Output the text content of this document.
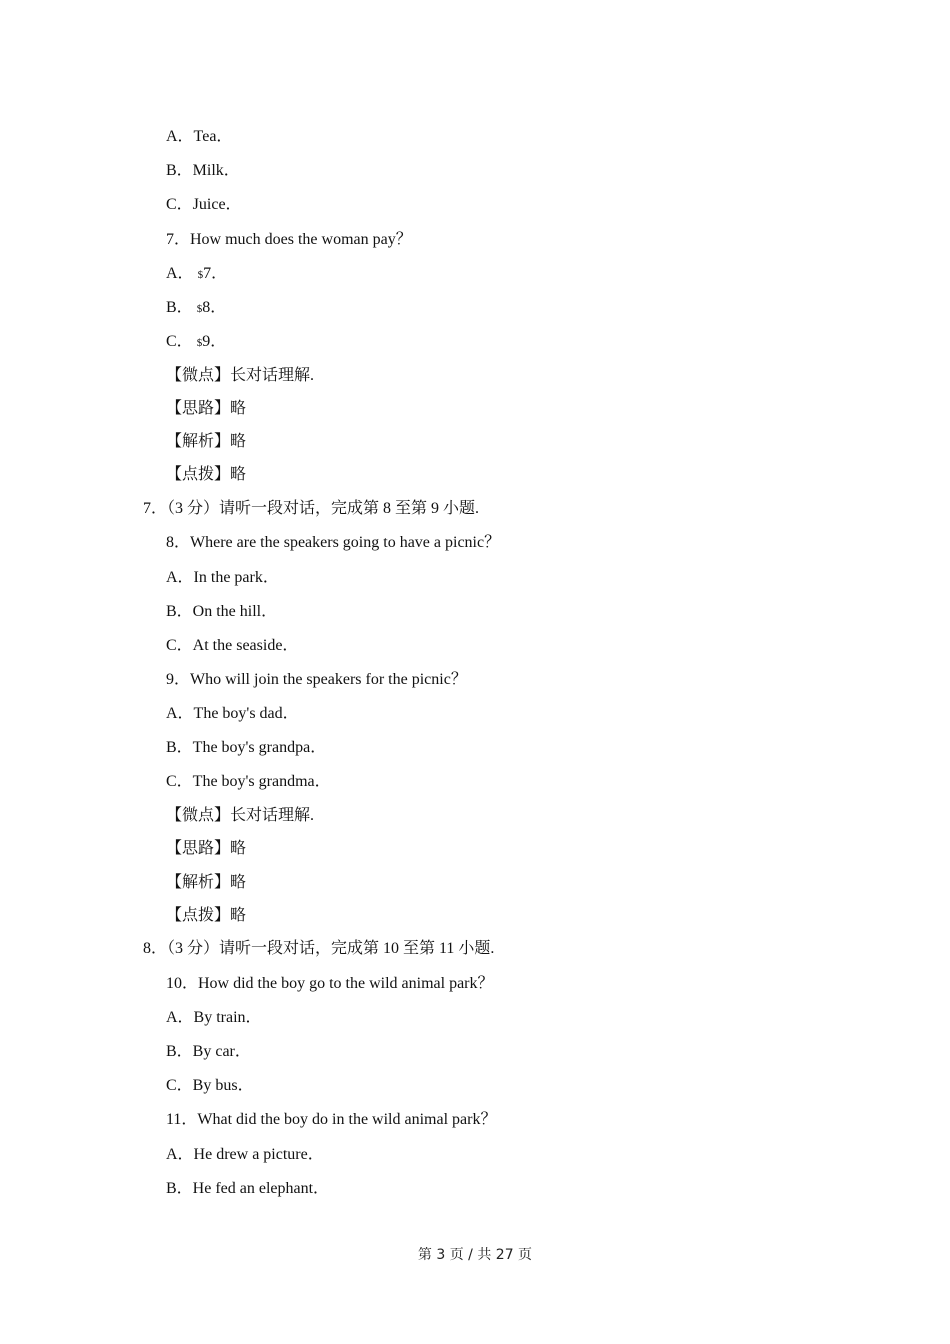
A．Tea．
B．Milk．
C．Juice．
7．How much does the woman pay？
A． $7．
B． $8．
C． $9．
【微点】长对话理解.
【思路】略
【解析】略
【点拨】略
7．（3 分）请听一段对话，完成第 8 至第 9 小题.
8．Where are the speakers going to have a picnic？
A．In the park．
B．On the hill．
C．At the seaside．
9．Who will join the speakers for the picnic？
A．The boy's dad．
B．The boy's grandpa．
C．The boy's grandma．
【微点】长对话理解.
【思路】略
【解析】略
【点拨】略
8．（3 分）请听一段对话，完成第 10 至第 11 小题.
10．How did the boy go to the wild animal park？
A．By train．
B．By car．
C．By bus．
11．What did the boy do in the wild animal park？
A．He drew a picture．
B．He fed an elephant．
第 3 页 / 共 27 页
